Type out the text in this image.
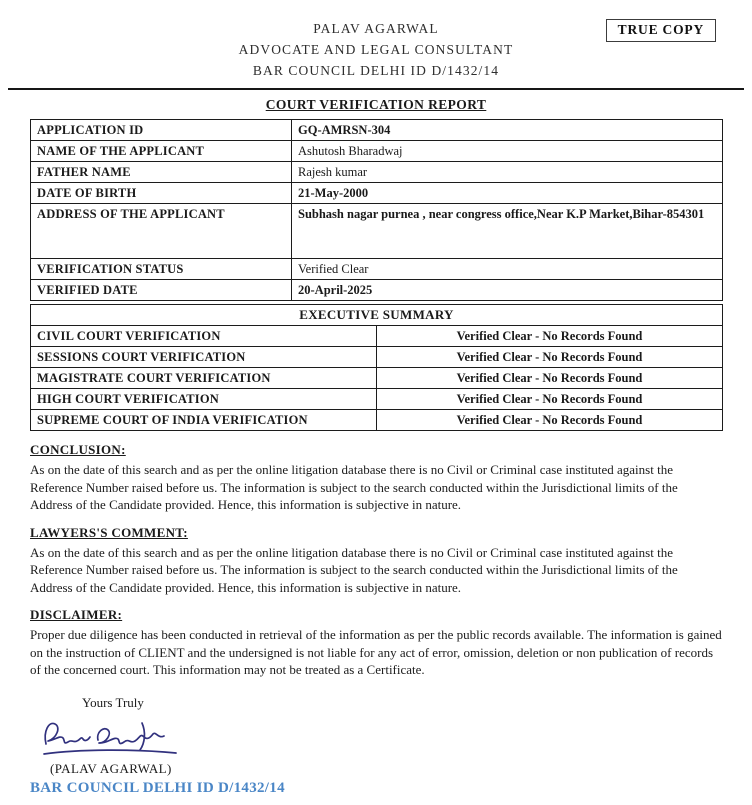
TRUE COPY
PALAV AGARWAL
ADVOCATE AND LEGAL CONSULTANT
BAR COUNCIL DELHI ID D/1432/14
COURT VERIFICATION REPORT
APPLICATION ID	GQ-AMRSN-304
NAME OF THE APPLICANT	Ashutosh Bharadwaj
FATHER NAME	Rajesh kumar
DATE OF BIRTH	21-May-2000
ADDRESS OF THE APPLICANT	Subhash nagar purnea , near congress office,Near K.P Market,Bihar-854301
VERIFICATION STATUS	Verified Clear
VERIFIED DATE	20-April-2025
EXECUTIVE SUMMARY	
CIVIL COURT VERIFICATION	Verified Clear - No Records Found
SESSIONS COURT VERIFICATION	Verified Clear - No Records Found
MAGISTRATE COURT VERIFICATION	Verified Clear - No Records Found
HIGH COURT VERIFICATION	Verified Clear - No Records Found
SUPREME COURT OF INDIA VERIFICATION	Verified Clear - No Records Found
CONCLUSION:
As on the date of this search and as per the online litigation database there is no Civil or Criminal case instituted against the Reference Number raised before us. The information is subject to the search conducted within the Jurisdictional limits of the Address of the Candidate provided. Hence, this information is subjective in nature.
LAWYERS'S COMMENT:
As on the date of this search and as per the online litigation database there is no Civil or Criminal case instituted against the Reference Number raised before us. The information is subject to the search conducted within the Jurisdictional limits of the Address of the Candidate provided. Hence, this information is subjective in nature.
DISCLAIMER:
Proper due diligence has been conducted in retrieval of the information as per the public records available. The information is gained on the instruction of CLIENT and the undersigned is not liable for any act of error, omission, deletion or non publication of records of the concerned court. This information may not be treated as a Certificate.
Yours Truly
(PALAV AGARWAL)
BAR COUNCIL DELHI ID D/1432/14
